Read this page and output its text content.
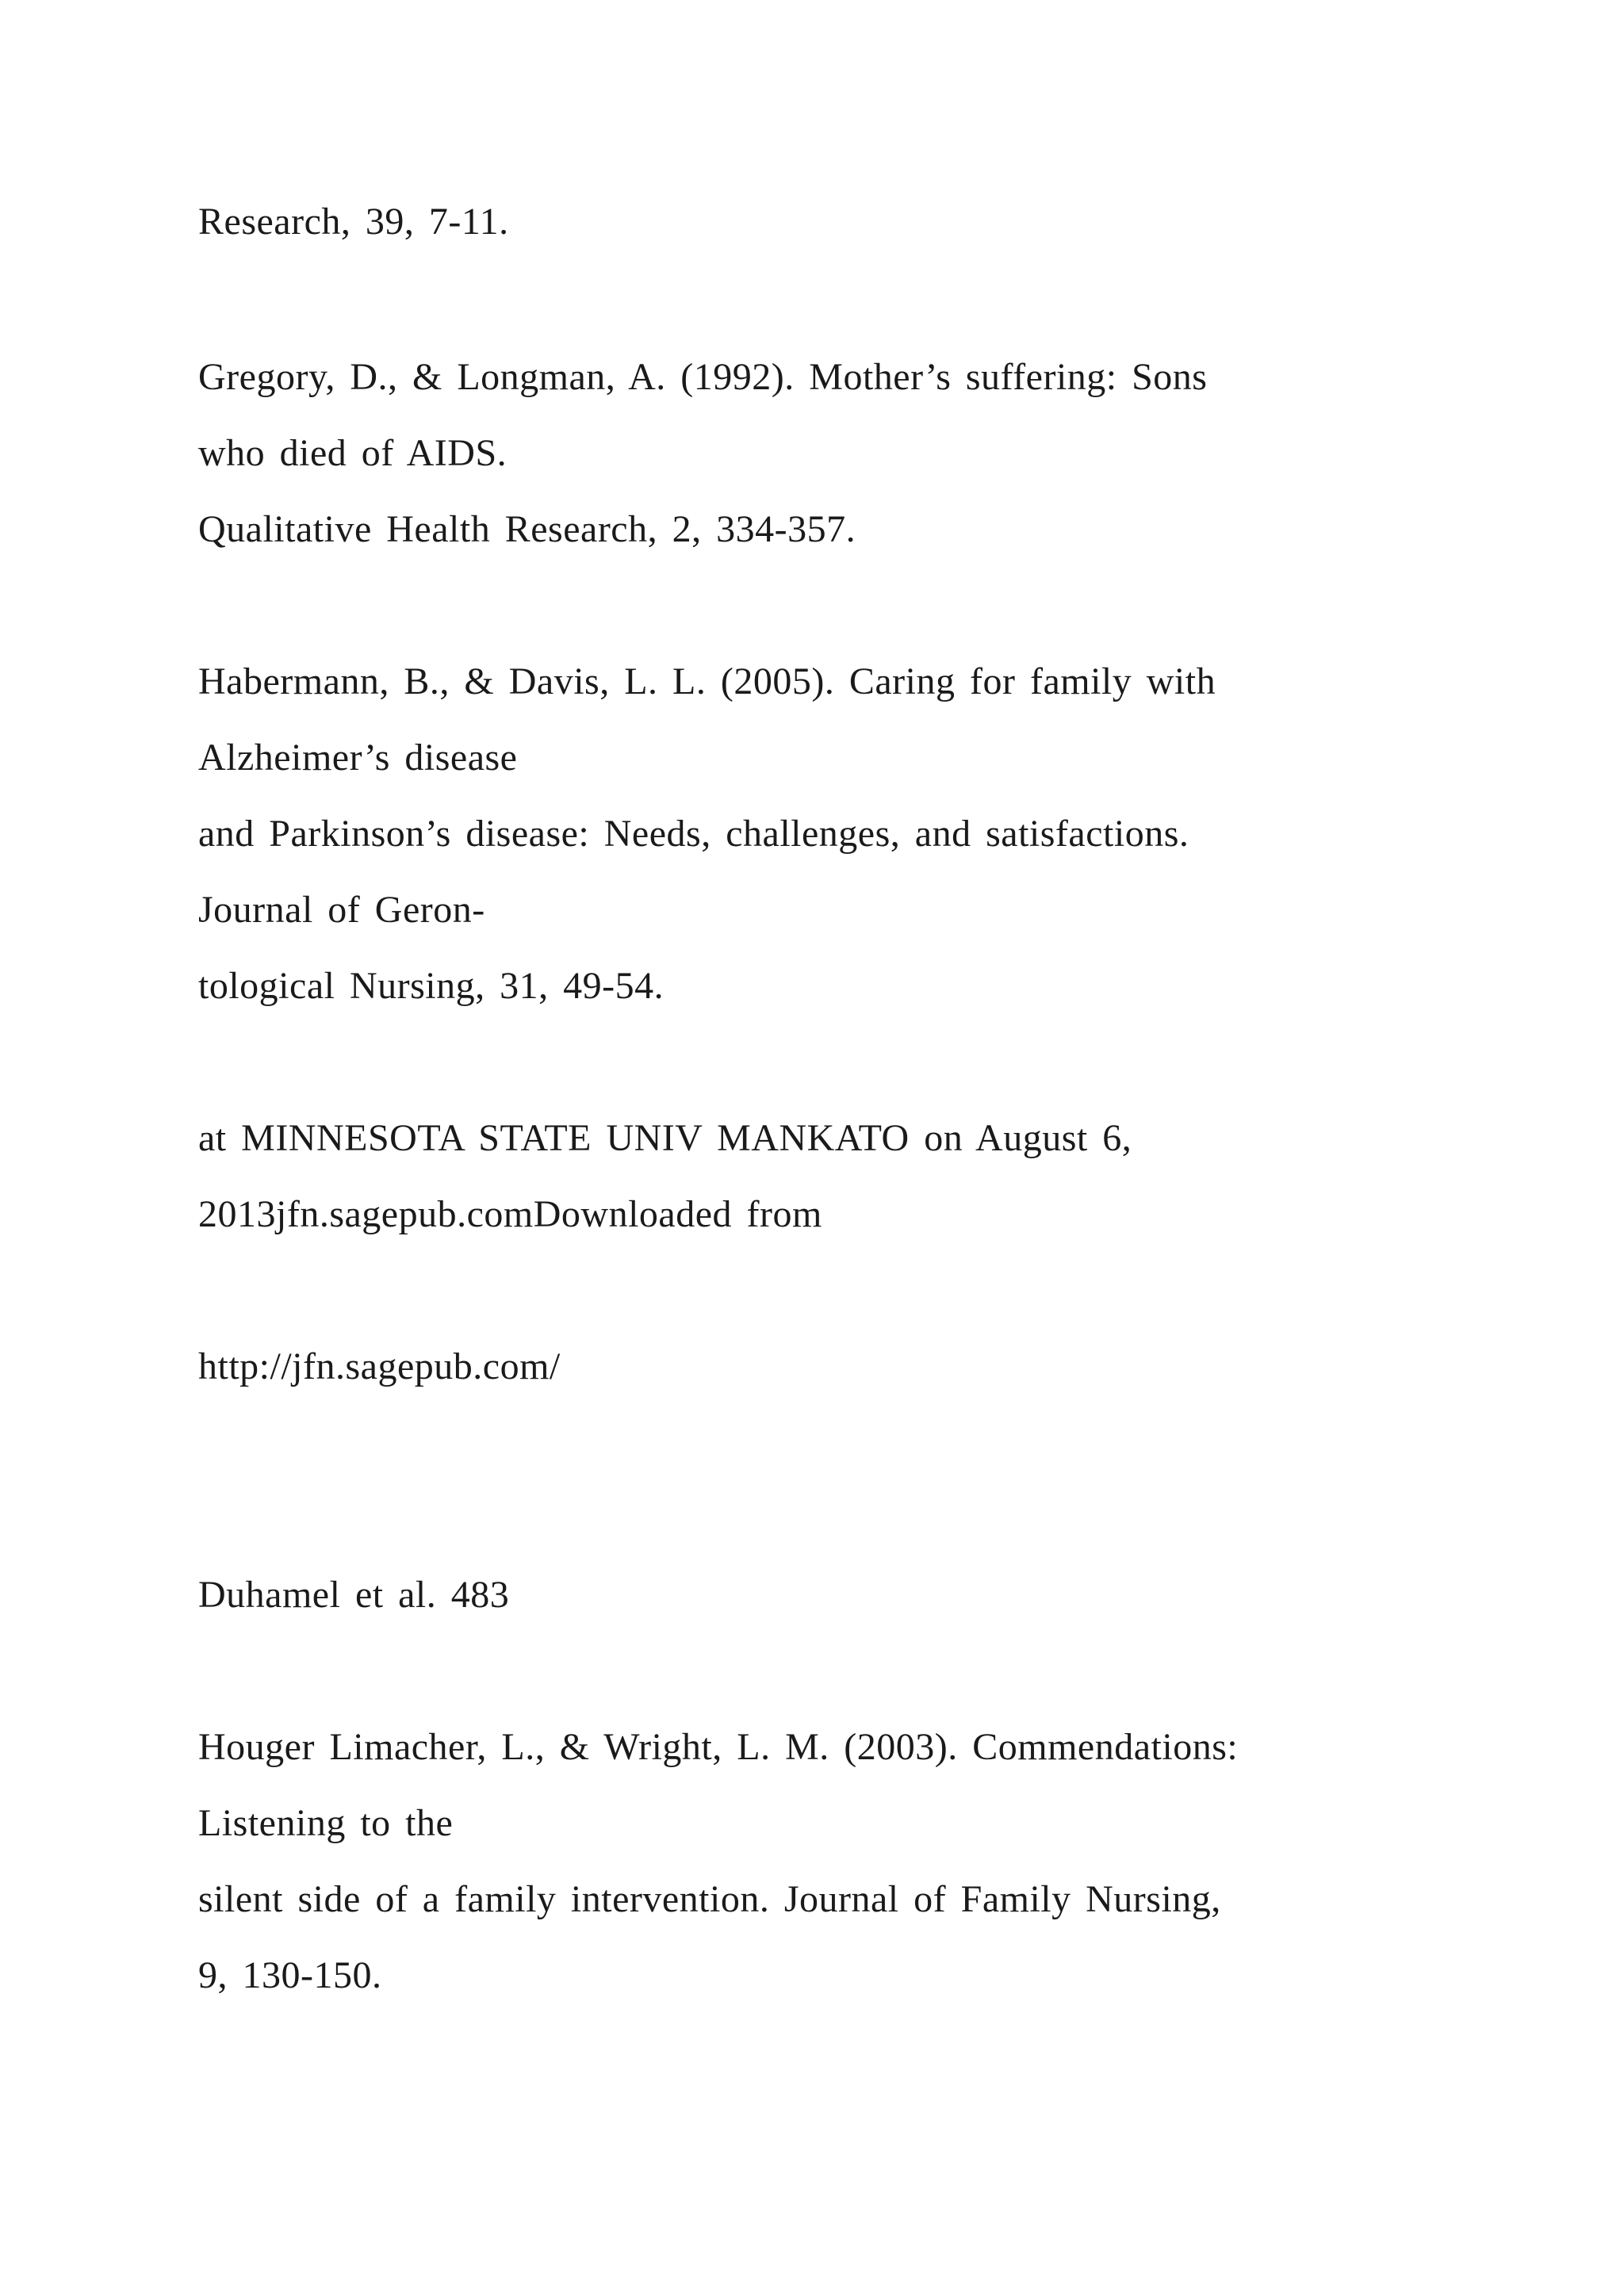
Research, 39, 7-11.
Gregory, D., & Longman, A. (1992). Mother’s suffering: Sons
who died of AIDS.
Qualitative Health Research, 2, 334-357.
Habermann, B., & Davis, L. L. (2005). Caring for family with
Alzheimer’s disease
and Parkinson’s disease: Needs, challenges, and satisfactions.
Journal of Geron-
tological Nursing, 31, 49-54.
at MINNESOTA STATE UNIV MANKATO on August 6,
2013jfn.sagepub.comDownloaded from
http://jfn.sagepub.com/
Duhamel et al. 483
Houger Limacher, L., & Wright, L. M. (2003). Commendations:
Listening to the
silent side of a family intervention. Journal of Family Nursing,
9, 130-150.
